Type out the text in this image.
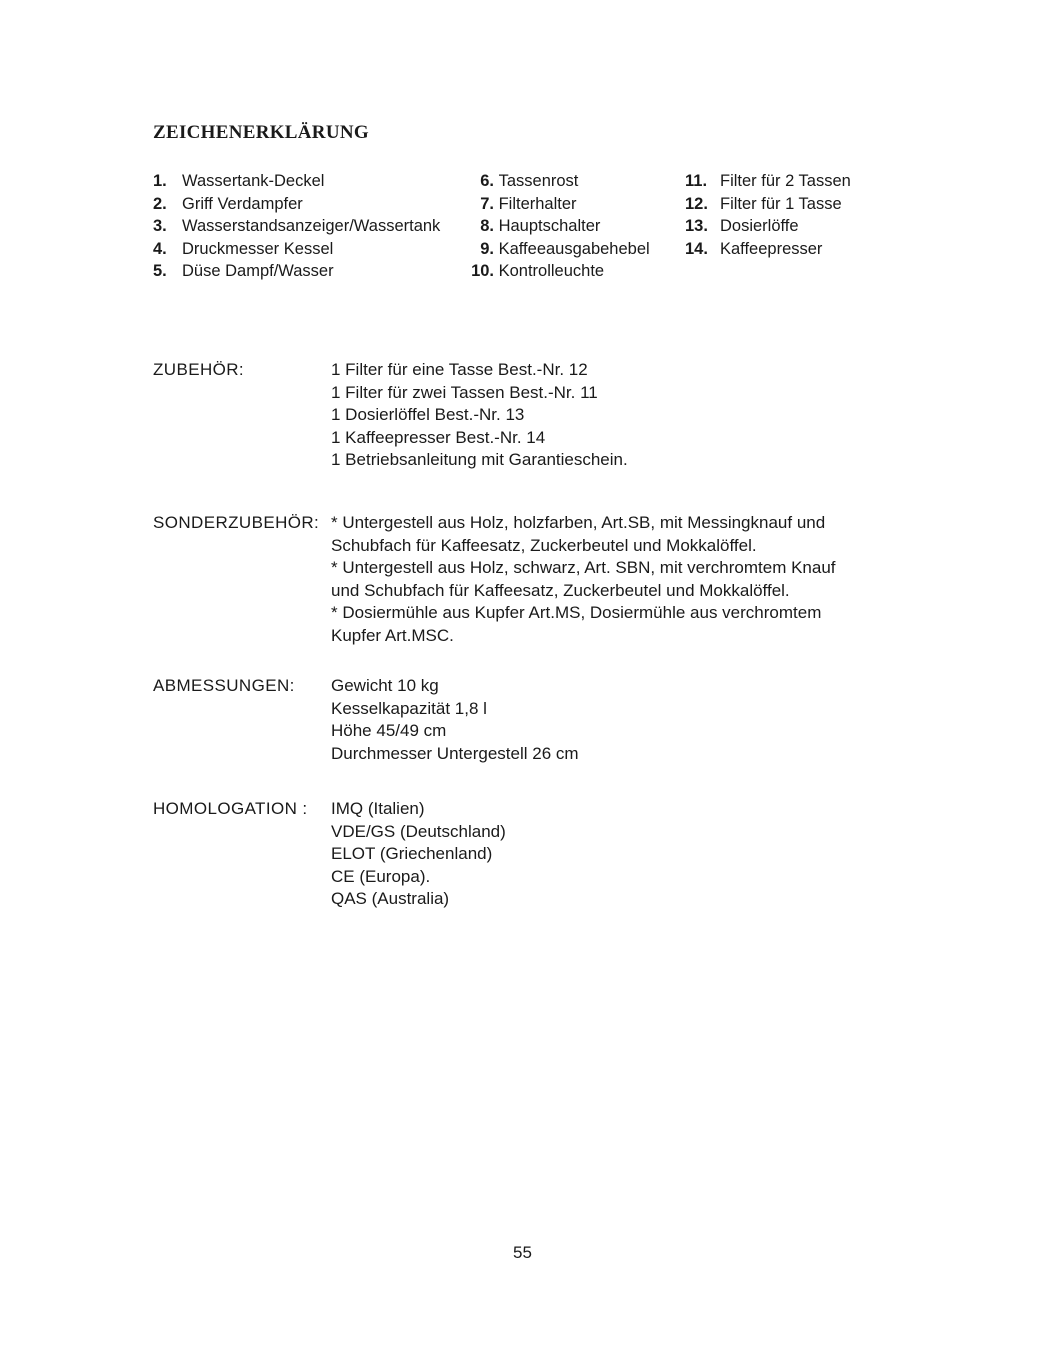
ZEICHENERKLÄRUNG
1. Wassertank-Deckel
2. Griff Verdampfer
3. Wasserstandsanzeiger/Wassertank
4. Druckmesser Kessel
5. Düse Dampf/Wasser
6.
Tassenrost
7.
Filterhalter
8.
Hauptschalter
9.
Kaffeeausgabehebel
10.
Kontrolleuchte
11. Filter für 2 Tassen
12. Filter für 1 Tasse
13. Dosierlöffe
14. Kaffeepresser
ZUBEHÖR:	1 Filter für eine Tasse Best.-Nr. 12
1 Filter für zwei Tassen Best.-Nr. 11
1 Dosierlöffel Best.-Nr. 13
1 Kaffeepresser Best.-Nr. 14
1 Betriebsanleitung mit Garantieschein.
SONDERZUBEHÖR: * Untergestell aus Holz, holzfarben, Art.SB, mit Messingknauf und
Schubfach für Kaffeesatz, Zuckerbeutel und Mokkalöffel.
* Untergestell aus Holz, schwarz, Art. SBN, mit verchromtem Knauf
und Schubfach für Kaffeesatz, Zuckerbeutel und Mokkalöffel.
* Dosiermühle aus Kupfer Art.MS, Dosiermühle aus verchromtem
Kupfer Art.MSC.
ABMESSUNGEN:	Gewicht 10 kg
Kesselkapazität 1,8 l
Höhe 45/49 cm
Durchmesser Untergestell 26 cm
HOMOLOGATION :	IMQ (Italien)
VDE/GS (Deutschland)
ELOT (Griechenland)
CE (Europa).
QAS (Australia)
55
